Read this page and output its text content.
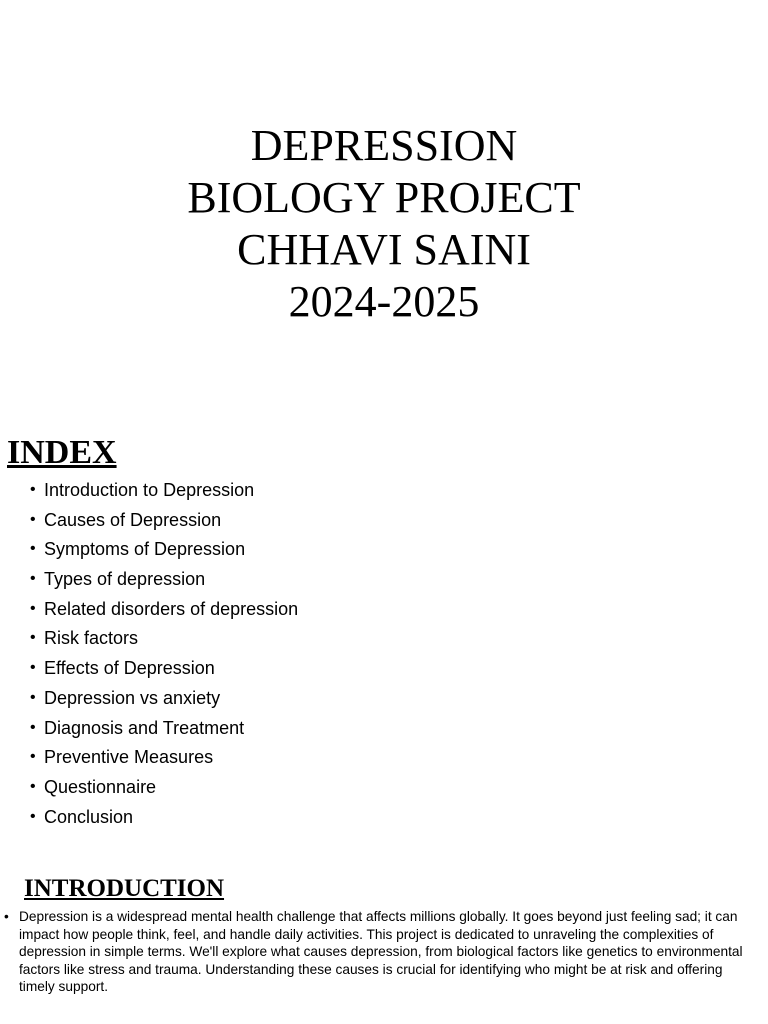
DEPRESSION
BIOLOGY PROJECT
CHHAVI SAINI
2024-2025
INDEX
• Introduction to Depression
• Causes of Depression
• Symptoms of Depression
• Types of depression
• Related disorders of depression
• Risk factors
• Effects of Depression
• Depression vs anxiety
• Diagnosis and Treatment
• Preventive Measures
• Questionnaire
• Conclusion
INTRODUCTION
• Depression is a widespread mental health challenge that affects millions globally. It goes beyond just feeling sad; it can impact how people think, feel, and handle daily activities. This project is dedicated to unraveling the complexities of depression in simple terms. We'll explore what causes depression, from biological factors like genetics to environmental factors like stress and trauma. Understanding these causes is crucial for identifying who might be at risk and offering timely support.
